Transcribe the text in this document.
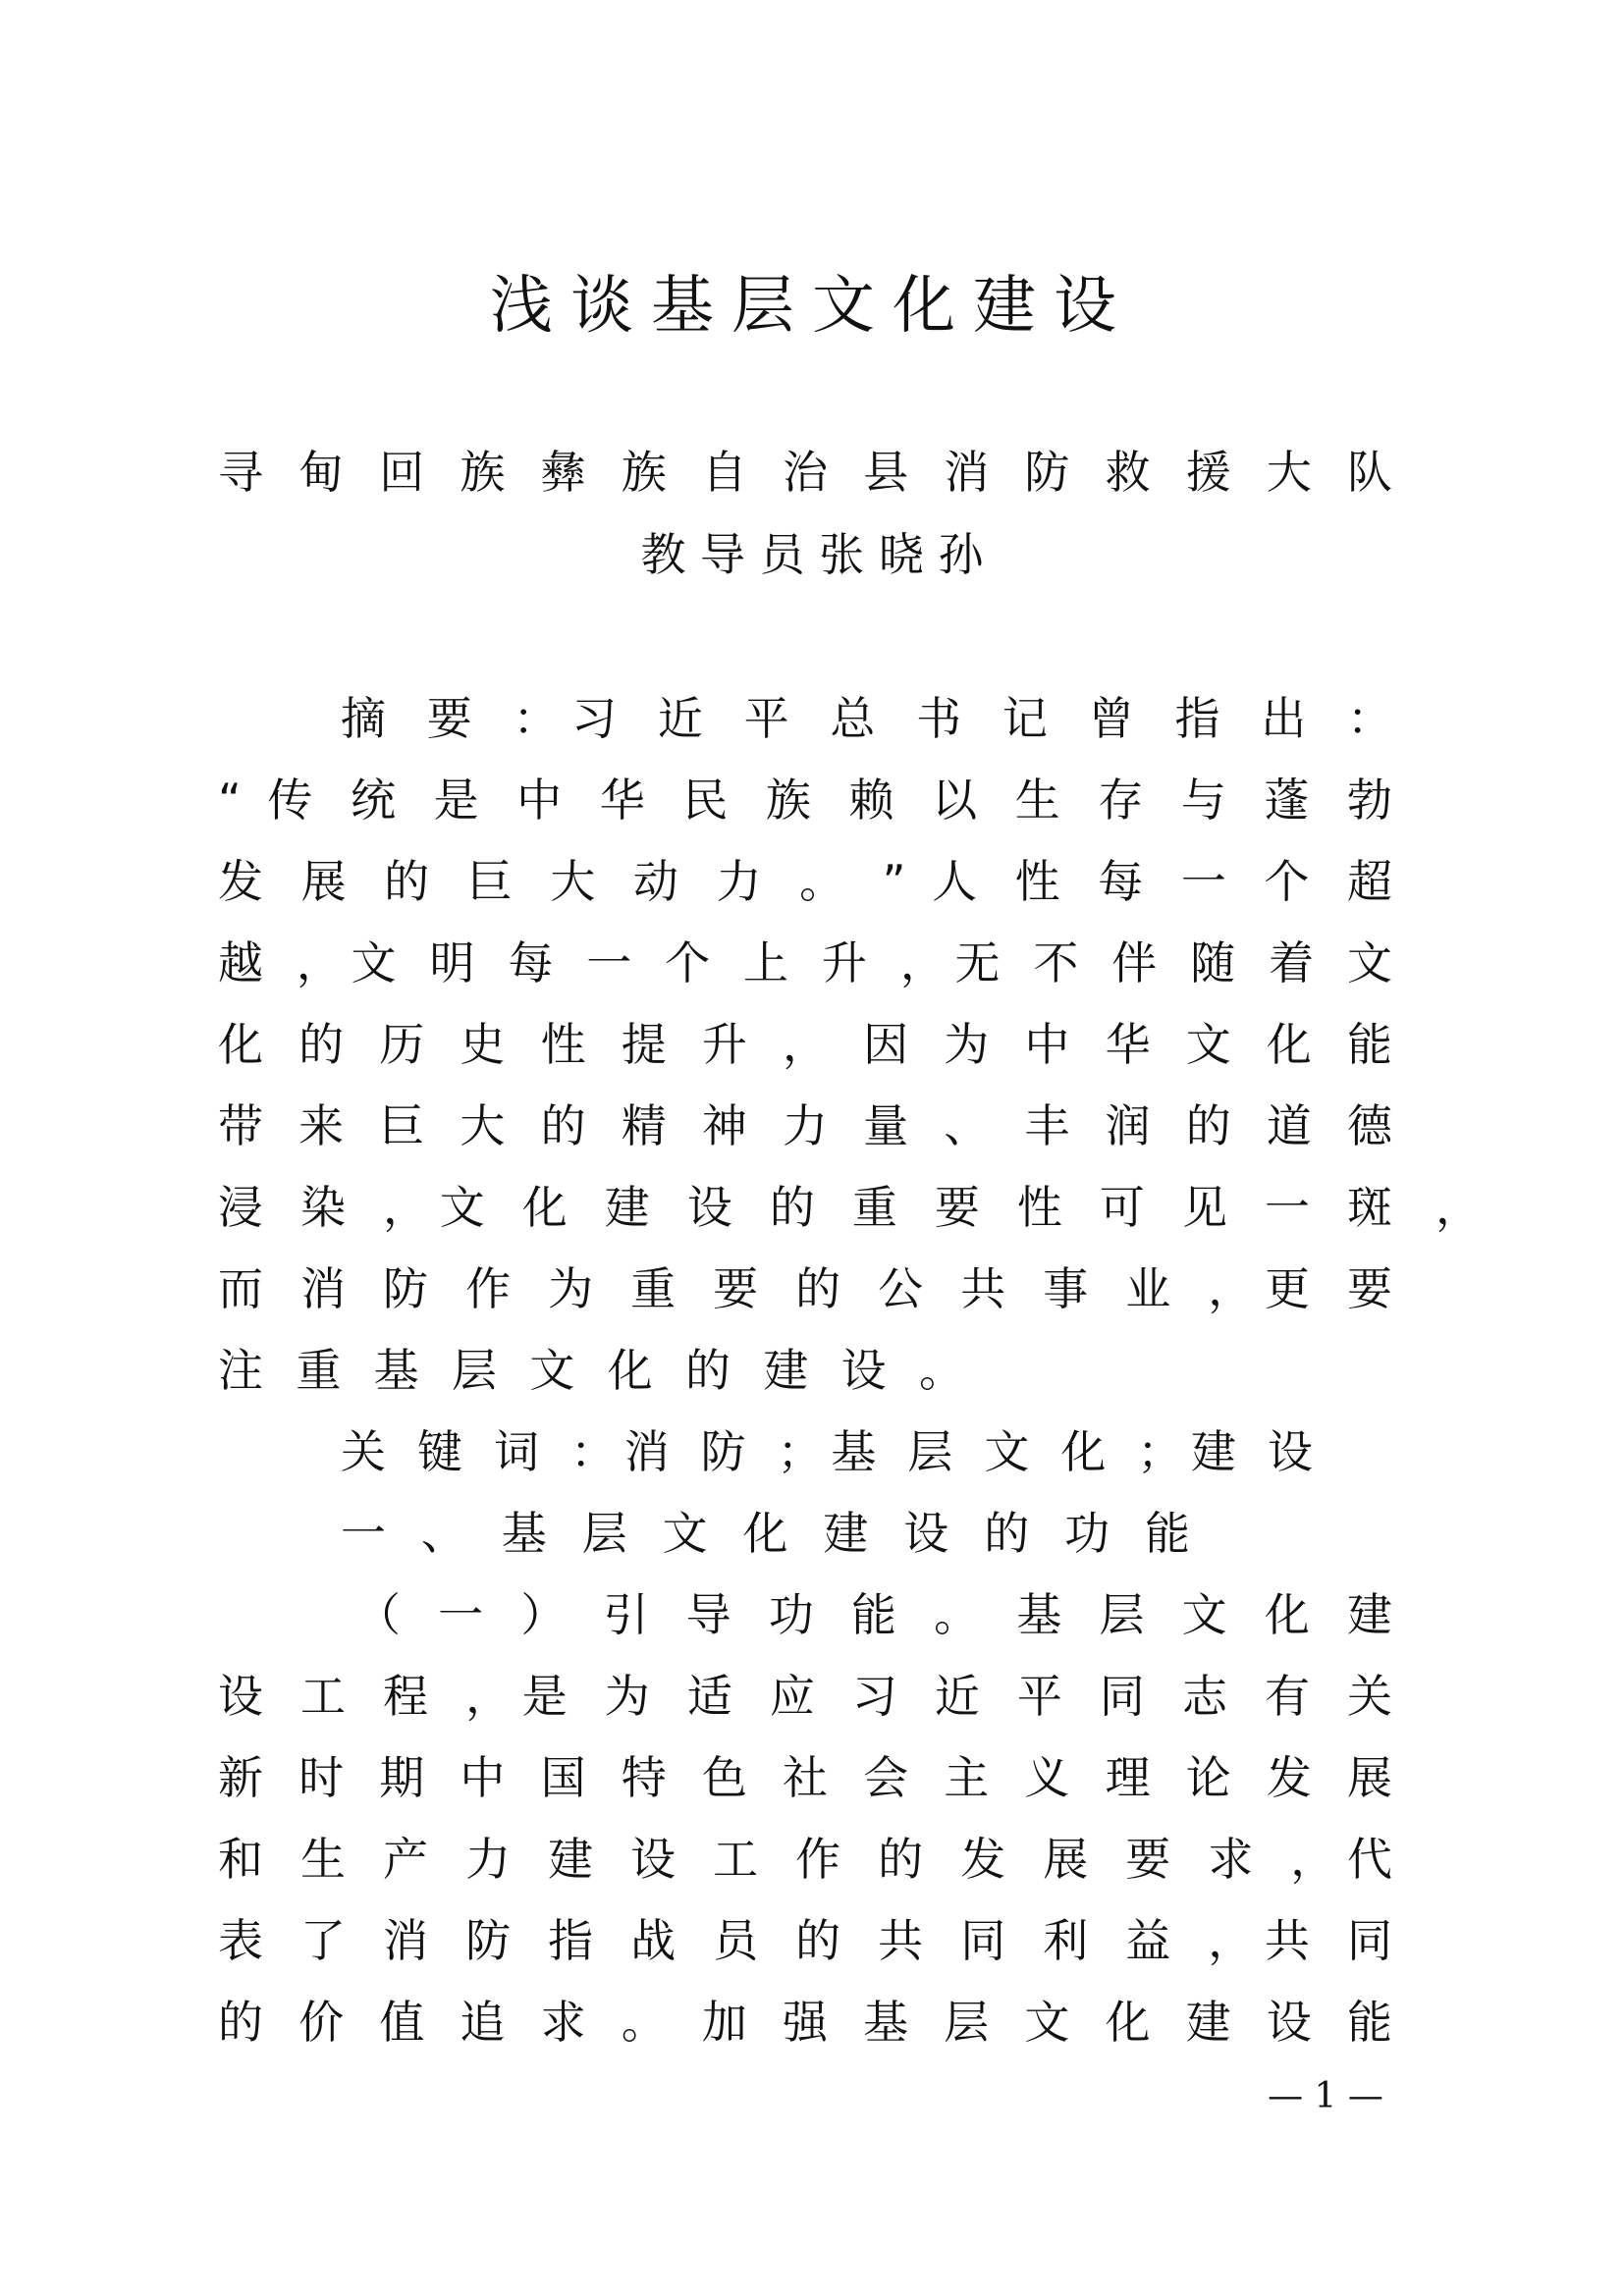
浅谈基层文化建设
寻 甸 回 族 彝 族 自 治 县 消 防 救 援 大 队
教 导 员 张 晓 孙
摘 要 ：习 近 平 总 书 记 曾 指 出 ：
“ 传 统 是 中 华 民 族 赖 以 生 存 与 蓬 勃
发 展 的 巨 大 动 力 。 ” 人 性 每 一 个 超
越 ，文 明 每 一 个 上 升 ，无 不 伴 随 着 文
化 的 历 史 性 提 升 ， 因 为 中 华 文 化 能
带 来 巨 大 的 精 神 力 量 、 丰 润 的 道 德
浸 染 ，文 化 建 设 的 重 要 性 可 见 一 斑 ，
而 消 防 作 为 重 要 的 公 共 事 业 ，更 要
注 重 基 层 文 化 的 建 设 。
关 键 词 ：消 防 ；基 层 文 化 ；建 设
一 、 基 层 文 化 建 设 的 功 能
（ 一 ） 引 导 功 能 。 基 层 文 化 建
设 工 程 ，是 为 适 应 习 近 平 同 志 有 关
新 时 期 中 国 特 色 社 会 主 义 理 论 发 展
和 生 产 力 建 设 工 作 的 发 展 要 求 ，代
表 了 消 防 指 战 员 的 共 同 利 益 ，共 同
的 价 值 追 求 。 加 强 基 层 文 化 建 设 能
— 1 —
